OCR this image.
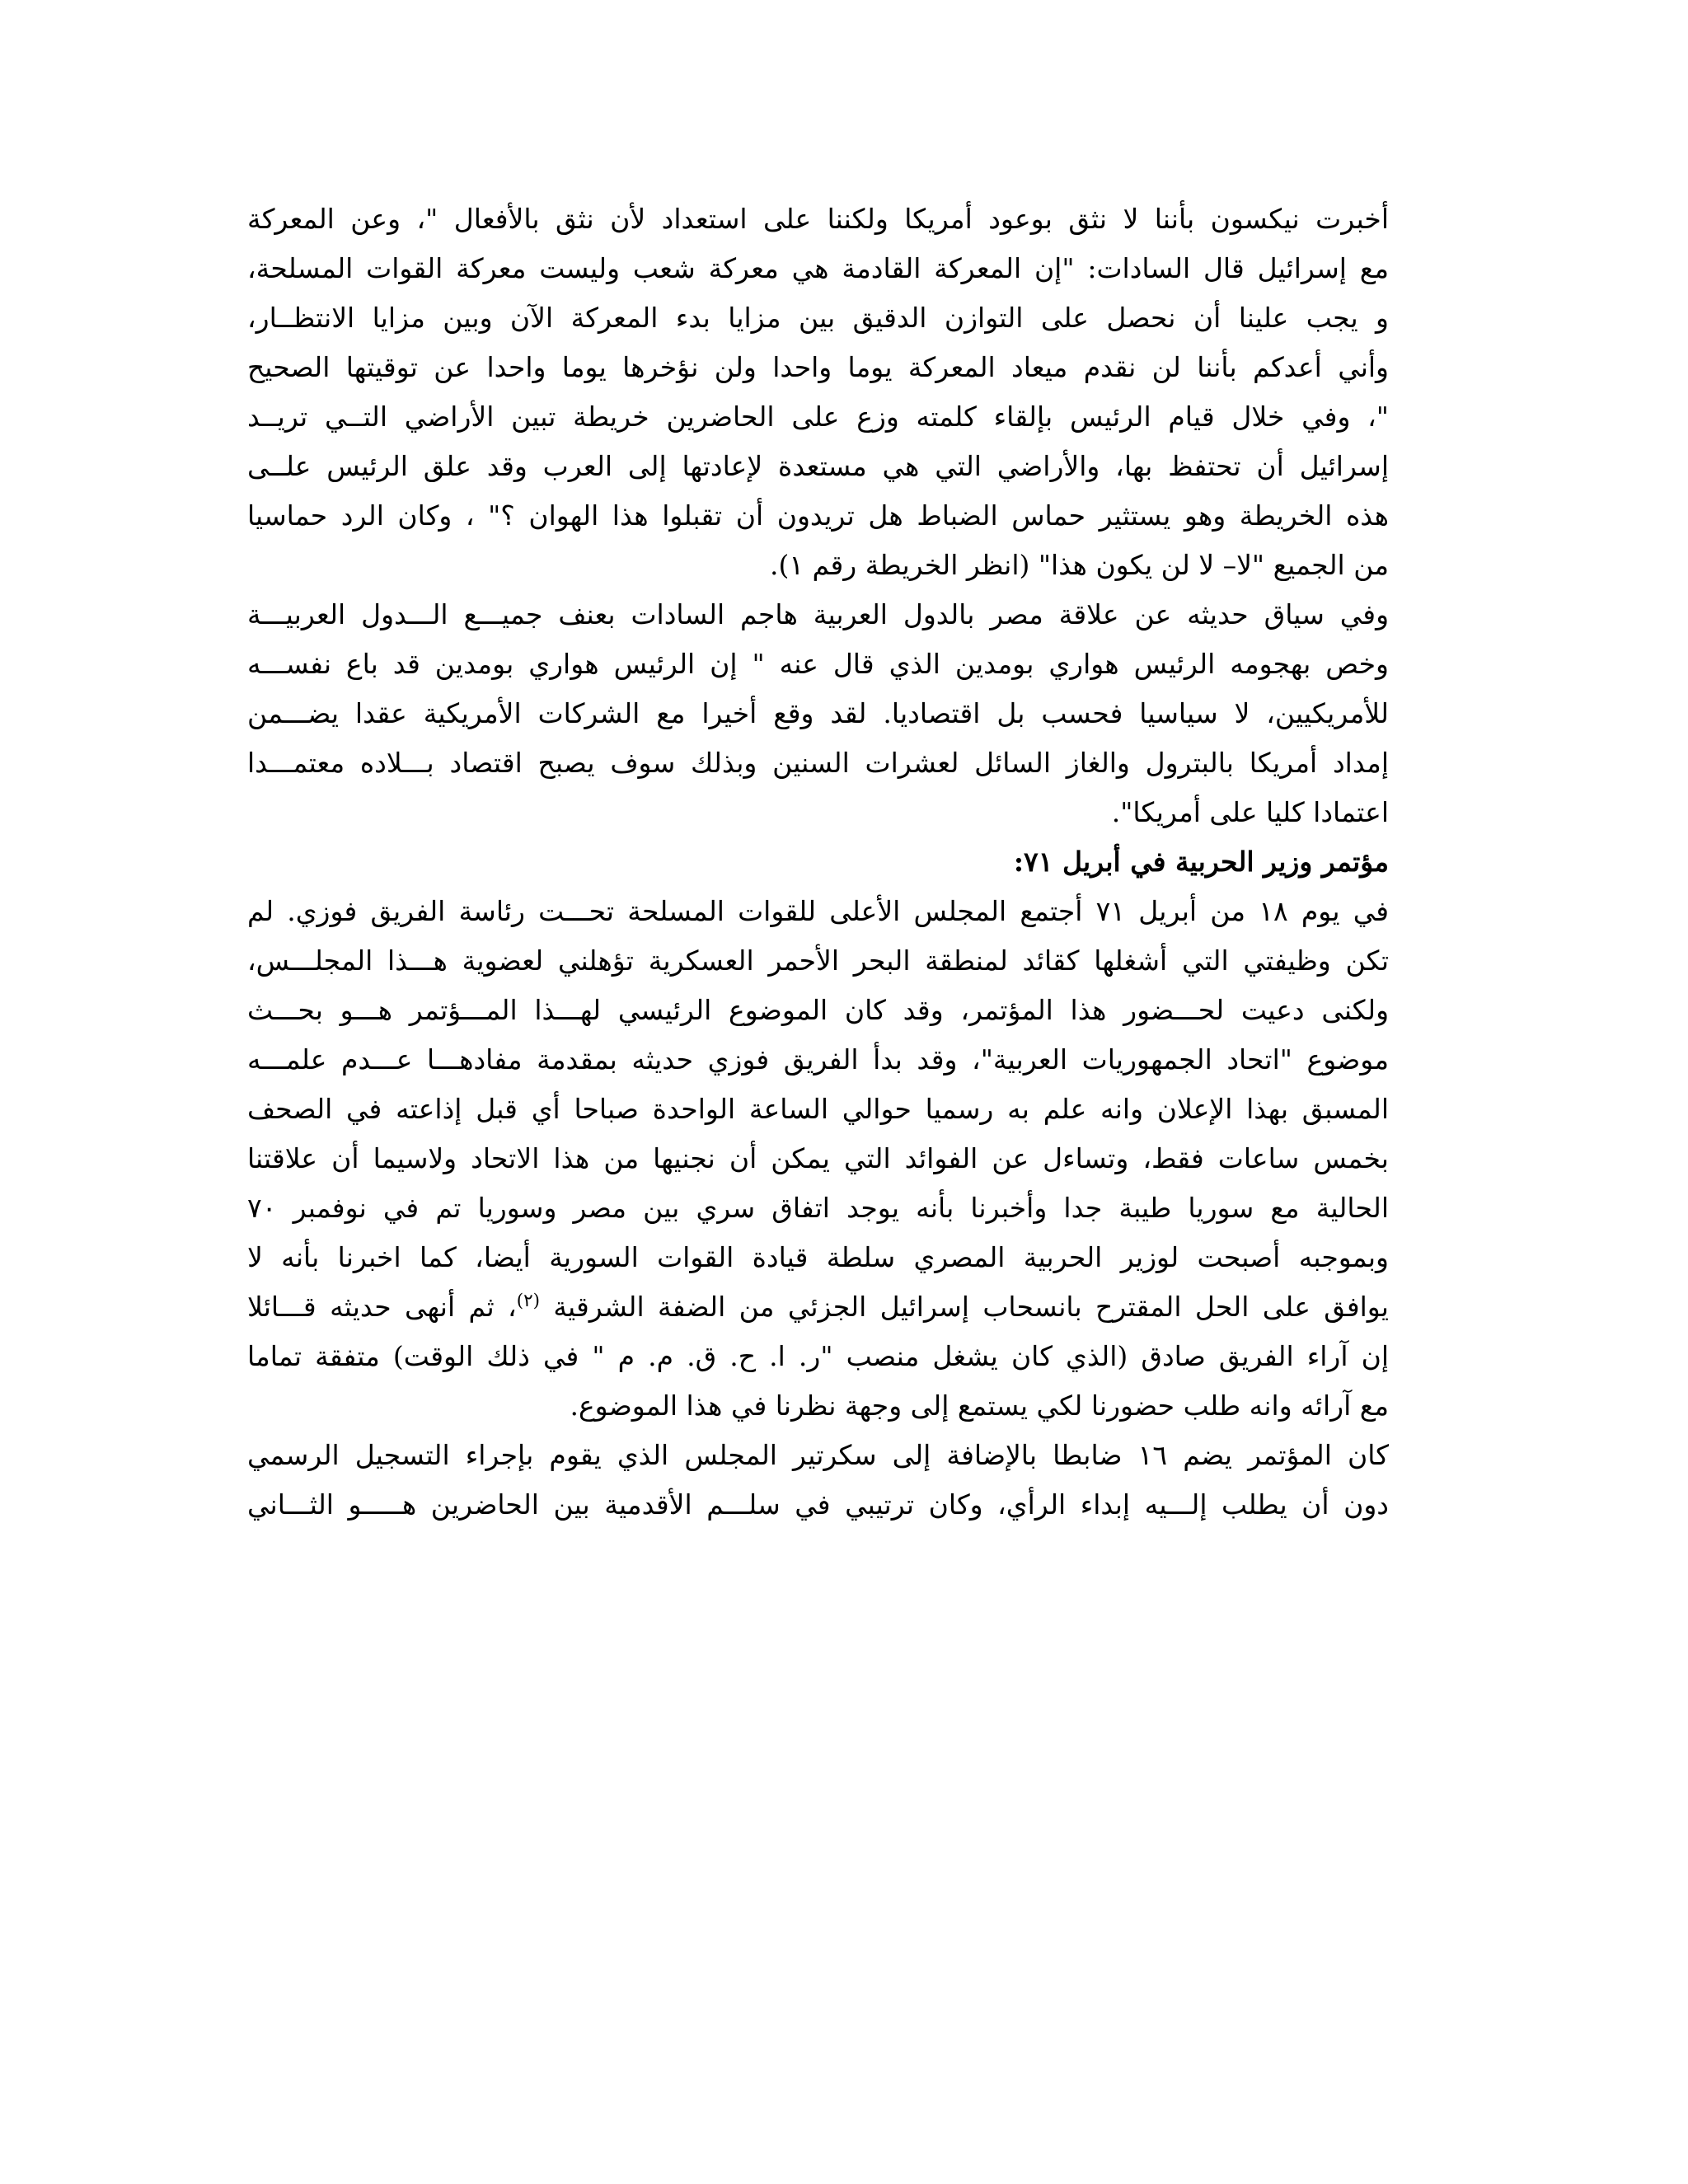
أخبرت نيكسون بأننا لا نثق بوعود أمريكا ولكننا على استعداد لأن نثق بالأفعال "، وعن المعركة
مع إسرائيل قال السادات: "إن المعركة القادمة هي معركة شعب وليست معركة القوات المسلحة،
و يجب علينا أن نحصل على التوازن الدقيق بين مزايا بدء المعركة الآن وبين مزايا الانتظــار،
وأني أعدكم بأننا لن نقدم ميعاد المعركة يوما واحدا ولن نؤخرها يوما واحدا عن توقيتها الصحيح
"، وفي خلال قيام الرئيس بإلقاء كلمته وزع على الحاضرين خريطة تبين الأراضي التــي تريــد
إسرائيل أن تحتفظ بها، والأراضي التي هي مستعدة لإعادتها إلى العرب وقد علق الرئيس علــى
هذه الخريطة وهو يستثير حماس الضباط هل تريدون أن تقبلوا هذا الهوان ؟" ، وكان الرد حماسيا
من الجميع "لا– لا لن يكون هذا" (انظر الخريطة رقم ١).
وفي سياق حديثه عن علاقة مصر بالدول العربية هاجم السادات بعنف جميـــع الـــدول العربيـــة
وخص بهجومه الرئيس هواري بومدين الذي قال عنه " إن الرئيس هواري بومدين قد باع نفســـه
للأمريكيين، لا سياسيا فحسب بل اقتصاديا. لقد وقع أخيرا مع الشركات الأمريكية عقدا يضـــمن
إمداد أمريكا بالبترول والغاز السائل لعشرات السنين وبذلك سوف يصبح اقتصاد بـــلاده معتمـــدا
اعتمادا كليا على أمريكا".
مؤتمر وزير الحربية في أبريل ٧١:
في يوم ١٨ من أبريل ٧١ أجتمع المجلس الأعلى للقوات المسلحة تحـــت رئاسة الفريق فوزي. لم
تكن وظيفتي التي أشغلها كقائد لمنطقة البحر الأحمر العسكرية تؤهلني لعضوية هـــذا المجلـــس،
ولكنى دعيت لحـــضور هذا المؤتمر، وقد كان الموضوع الرئيسي لهـــذا المـــؤتمر هـــو بحـــث
موضوع "اتحاد الجمهوريات العربية"، وقد بدأ الفريق فوزي حديثه بمقدمة مفادهـــا عـــدم علمـــه
المسبق بهذا الإعلان وانه علم به رسميا حوالي الساعة الواحدة صباحا أي قبل إذاعته في الصحف
بخمس ساعات فقط، وتساءل عن الفوائد التي يمكن أن نجنيها من هذا الاتحاد ولاسيما أن علاقتنا
الحالية مع سوريا طيبة جدا وأخبرنا بأنه يوجد اتفاق سري بين مصر وسوريا تم في نوفمبر ٧٠
وبموجبه أصبحت لوزير الحربية المصري سلطة قيادة القوات السورية أيضا، كما اخبرنا بأنه لا
يوافق على الحل المقترح بانسحاب إسرائيل الجزئي من الضفة الشرقية $^{(٢)}$، ثم أنهى حديثه قـــائلا
إن آراء الفريق صادق (الذي كان يشغل منصب "ر. ا. ح. ق. م. م " في ذلك الوقت) متفقة تماما
مع آرائه وانه طلب حضورنا لكي يستمع إلى وجهة نظرنا في هذا الموضوع.
كان المؤتمر يضم ١٦ ضابطا بالإضافة إلى سكرتير المجلس الذي يقوم بإجراء التسجيل الرسمي
دون أن يطلب إلـــيه إبداء الرأي، وكان ترتيبي في سلـــم الأقدمية بين الحاضرين هـــــو الثـــاني
